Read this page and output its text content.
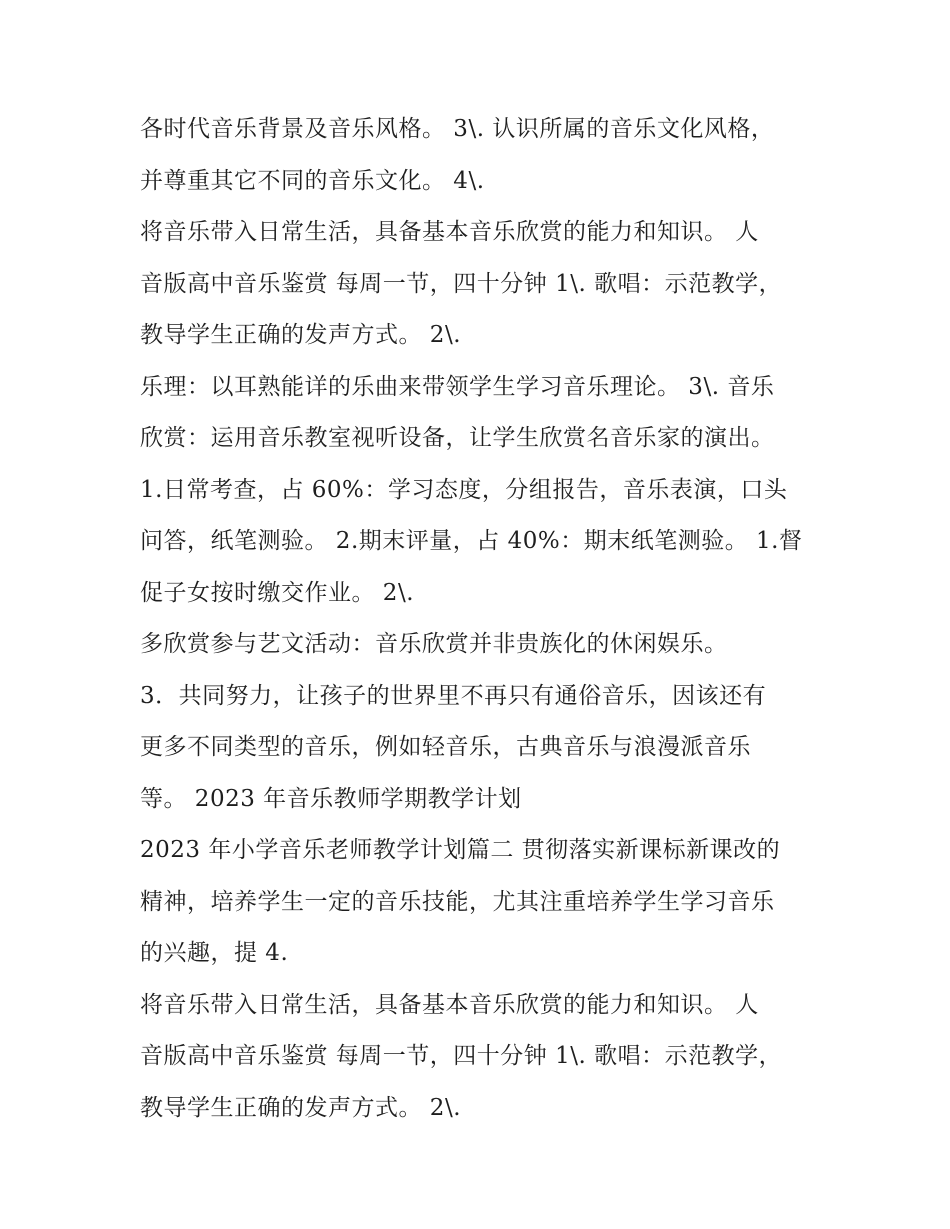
各时代音乐背景及音乐风格。 3\. 认识所属的音乐文化风格，
并尊重其它不同的音乐文化。 4\.
将音乐带入日常生活，具备基本音乐欣赏的能力和知识。 人
音版高中音乐鉴赏 每周一节，四十分钟 1\. 歌唱：示范教学，
教导学生正确的发声方式。 2\.
乐理：以耳熟能详的乐曲来带领学生学习音乐理论。 3\. 音乐
欣赏：运用音乐教室视听设备，让学生欣赏名音乐家的演出。
1.日常考查，占 60%：学习态度，分组报告，音乐表演，口头
问答，纸笔测验。 2.期末评量，占 40%：期末纸笔测验。 1.督
促子女按时缴交作业。 2\.
多欣赏参与艺文活动：音乐欣赏并非贵族化的休闲娱乐。
3．共同努力，让孩子的世界里不再只有通俗音乐，因该还有
更多不同类型的音乐，例如轻音乐，古典音乐与浪漫派音乐
等。 2023 年音乐教师学期教学计划
2023 年小学音乐老师教学计划篇二 贯彻落实新课标新课改的
精神，培养学生一定的音乐技能，尤其注重培养学生学习音乐
的兴趣，提 4.
将音乐带入日常生活，具备基本音乐欣赏的能力和知识。 人
音版高中音乐鉴赏 每周一节，四十分钟 1\. 歌唱：示范教学，
教导学生正确的发声方式。 2\.
